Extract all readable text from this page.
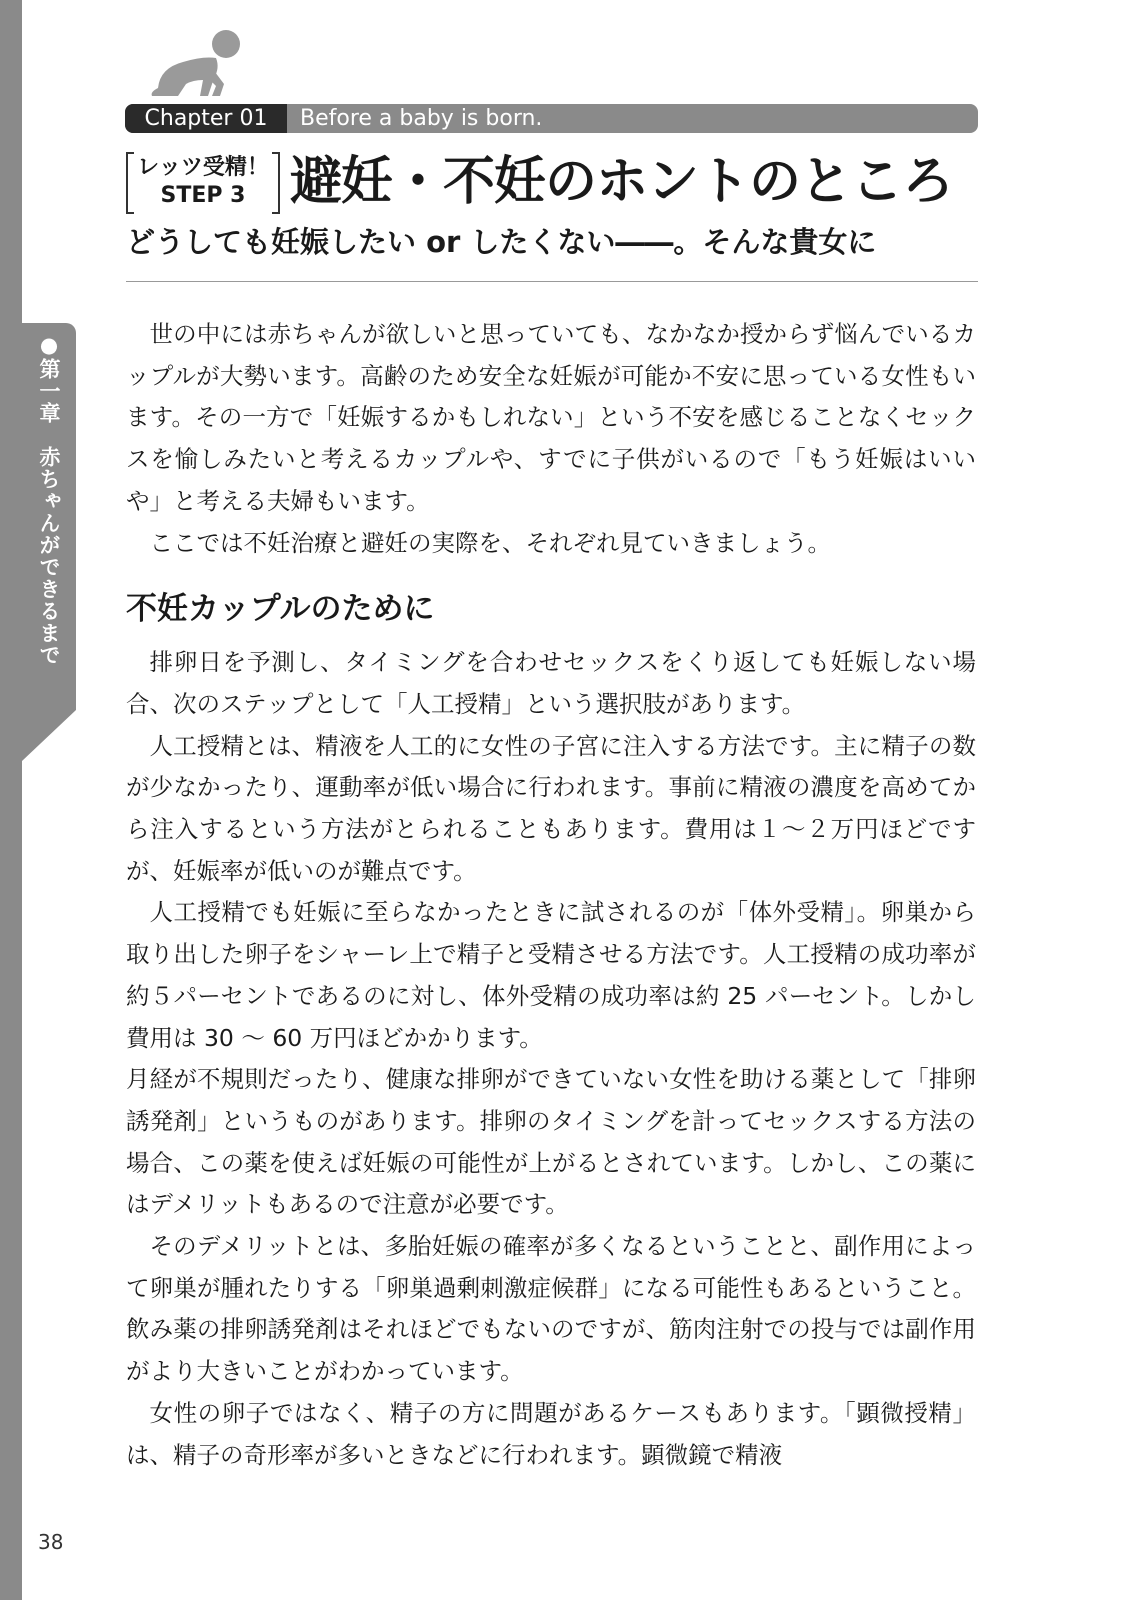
●第一章　赤ちゃんができるまで
Chapter 01	Before a baby is born.
レッツ受精！
STEP 3 避妊・不妊のホントのところ
どうしても妊娠したい or したくない――。そんな貴女に

世の中には赤ちゃんが欲しいと思っていても、なかなか授からず悩んでいるカップルが大勢います。高齢のため安全な妊娠が可能か不安に思っている女性もいます。その一方で「妊娠するかもしれない」という不安を感じることなくセックスを愉しみたいと考えるカップルや、すでに子供がいるので「もう妊娠はいいや」と考える夫婦もいます。

ここでは不妊治療と避妊の実際を、それぞれ見ていきましょう。

不妊カップルのために

排卵日を予測し、タイミングを合わせセックスをくり返しても妊娠しない場合、次のステップとして「人工授精」という選択肢があります。

人工授精とは、精液を人工的に女性の子宮に注入する方法です。主に精子の数が少なかったり、運動率が低い場合に行われます。事前に精液の濃度を高めてから注入するという方法がとられることもあります。費用は１～２万円ほどですが、妊娠率が低いのが難点です。

人工授精でも妊娠に至らなかったときに試されるのが「体外受精」。卵巣から取り出した卵子をシャーレ上で精子と受精させる方法です。人工授精の成功率が約５パーセントであるのに対し、体外受精の成功率は約 25 パーセント。しかし費用は 30 ～ 60 万円ほどかかります。

月経が不規則だったり、健康な排卵ができていない女性を助ける薬として「排卵誘発剤」というものがあります。排卵のタイミングを計ってセックスする方法の場合、この薬を使えば妊娠の可能性が上がるとされています。しかし、この薬にはデメリットもあるので注意が必要です。

そのデメリットとは、多胎妊娠の確率が多くなるということと、副作用によって卵巣が腫れたりする「卵巣過剰刺激症候群」になる可能性もあるということ。飲み薬の排卵誘発剤はそれほどでもないのですが、筋肉注射での投与では副作用がより大きいことがわかっています。

女性の卵子ではなく、精子の方に問題があるケースもあります。「顕微授精」は、精子の奇形率が多いときなどに行われます。顕微鏡で精液

38
